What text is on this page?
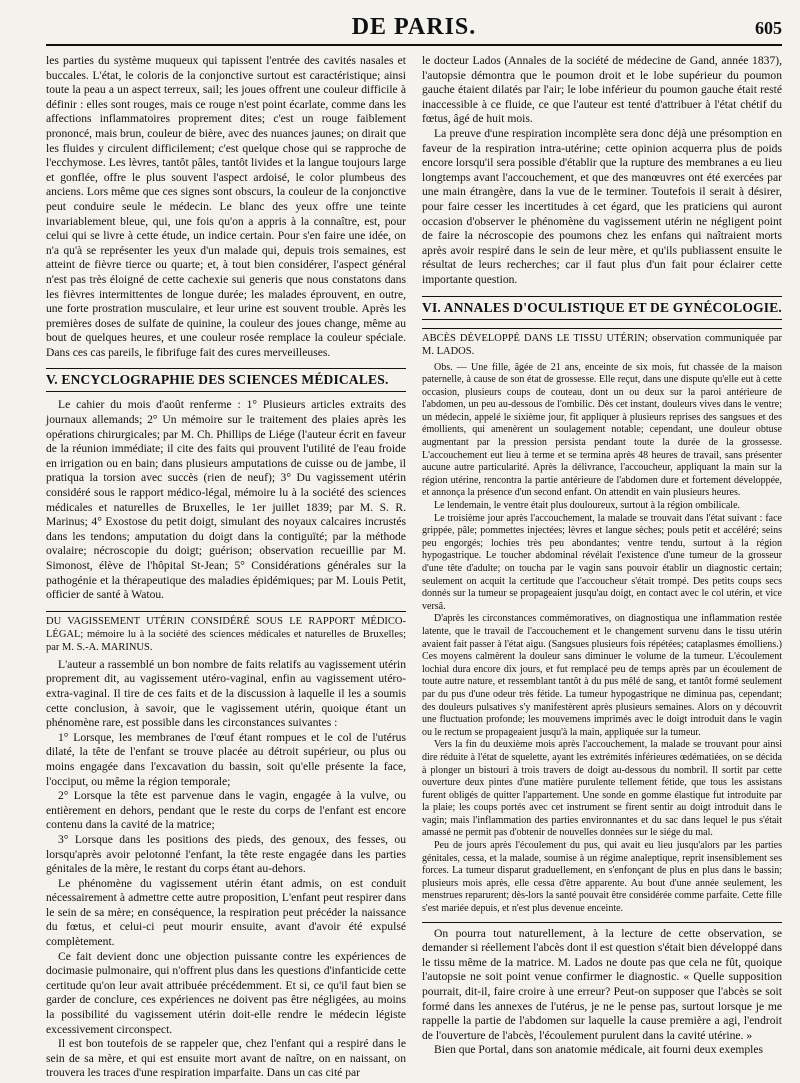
DE PARIS.	605

les parties du système muqueux qui tapissent l'entrée des cavités nasales et buccales. L'état, le coloris de la conjonctive surtout est caractéristique; ainsi toute la peau a un aspect terreux, sail; les joues offrent une couleur difficile à définir : elles sont rouges, mais ce rouge n'est point écarlate, comme dans les affections inflammatoires proprement dites; c'est un rouge faiblement prononcé, mais brun, couleur de bière, avec des nuances jaunes; on dirait que les fluides y circulent difficilement; c'est quelque chose qui se rapproche de l'ecchymose. Les lèvres, tantôt pâles, tantôt livides et la langue toujours large et gonflée, offre le plus souvent l'aspect ardoisé, le color plumbeus des anciens. Lors même que ces signes sont obscurs, la couleur de la conjonctive peut conduire seule le médecin. Le blanc des yeux offre une teinte invariablement bleue, qui, une fois qu'on a appris à la connaître, est, pour celui qui se livre à cette étude, un indice certain. Pour s'en faire une idée, on n'a qu'à se représenter les yeux d'un malade qui, depuis trois semaines, est atteint de fièvre tierce ou quarte; et, à tout bien considérer, l'aspect général n'est pas très éloigné de cette cachexie sui generis que nous constatons dans les fièvres intermittentes de longue durée; les malades éprouvent, en outre, une forte prostration musculaire, et leur urine est souvent trouble. Après les premières doses de sulfate de quinine, la couleur des joues change, même au bout de quelques heures, et une couleur rosée remplace la couleur spéciale. Dans ces cas pareils, le fibrifuge fait des cures merveilleuses.

V. ENCYCLOGRAPHIE DES SCIENCES MÉDICALES.

Le cahier du mois d'août renferme : 1° Plusieurs articles extraits des journaux allemands; 2° Un mémoire sur le traitement des plaies après les opérations chirurgicales; par M. Ch. Phillips de Liége (l'auteur écrit en faveur de la réunion immédiate; il cite des faits qui prouvent l'utilité de l'eau froide en irrigation ou en bain; dans plusieurs amputations de cuisse ou de jambe, il pratiqua la torsion avec succès (rien de neuf); 3° Du vagissement utérin considéré sous le rapport médico-légal, mémoire lu à la société des sciences médicales et naturelles de Bruxelles, le 1er juillet 1839; par M. S. R. Marinus; 4° Exostose du petit doigt, simulant des noyaux calcaires incrustés dans les tendons; amputation du doigt dans la contiguïté; par la méthode ovalaire; nécroscopie du doigt; guérison; observation recueillie par M. Simonost, élève de l'hôpital St-Jean; 5° Considérations générales sur la pathogénie et la thérapeutique des maladies épidémiques; par M. Louis Petit, officier de santé à Watou.

DU VAGISSEMENT UTÉRIN CONSIDÉRÉ SOUS LE RAPPORT MÉDICO-LÉGAL; mémoire lu à la société des sciences médicales et naturelles de Bruxelles; par M. S.-A. MARINUS.

L'auteur a rassemblé un bon nombre de faits relatifs au vagissement utérin proprement dit, au vagissement utéro-vaginal, enfin au vagissement utéro-extra-vaginal. Il tire de ces faits et de la discussion à laquelle il les a soumis cette conclusion, à savoir, que le vagissement utérin, quoique étant un phénomène rare, est possible dans les circonstances suivantes :

1° Lorsque, les membranes de l'œuf étant rompues et le col de l'utérus dilaté, la tête de l'enfant se trouve placée au détroit supérieur, ou plus ou moins engagée dans l'excavation du bassin, soit qu'elle présente la face, l'occiput, ou même la région temporale;

2° Lorsque la tête est parvenue dans le vagin, engagée à la vulve, ou entièrement en dehors, pendant que le reste du corps de l'enfant est encore contenu dans la cavité de la matrice;

3° Lorsque dans les positions des pieds, des genoux, des fesses, ou lorsqu'après avoir pelotonné l'enfant, la tête reste engagée dans les parties génitales de la mère, le restant du corps étant au-dehors.

Le phénomène du vagissement utérin étant admis, on est conduit nécessairement à admettre cette autre proposition, L'enfant peut respirer dans le sein de sa mère; en conséquence, la respiration peut précéder la naissance du fœtus, et celui-ci peut mourir ensuite, avant d'avoir été expulsé complètement.

Ce fait devient donc une objection puissante contre les expériences de docimasie pulmonaire, qui n'offrent plus dans les questions d'infanticide cette certitude qu'on leur avait attribuée précédemment. Et si, ce qu'il faut bien se garder de conclure, ces expériences ne doivent pas être négligées, au moins la possibilité du vagissement utérin doit-elle rendre le médecin légiste excessivement circonspect.

Il est bon toutefois de se rappeler que, chez l'enfant qui a respiré dans le sein de sa mère, et qui est ensuite mort avant de naître, on en naissant, on trouvera les traces d'une respiration imparfaite. Dans un cas cité par

le docteur Lados (Annales de la société de médecine de Gand, année 1837), l'autopsie démontra que le poumon droit et le lobe supérieur du poumon gauche étaient dilatés par l'air; le lobe inférieur du poumon gauche était resté inaccessible à ce fluide, ce que l'auteur est tenté d'attribuer à l'état chétif du fœtus, âgé de huit mois.

La preuve d'une respiration incomplète sera donc déjà une présomption en faveur de la respiration intra-utérine; cette opinion acquerra plus de poids encore lorsqu'il sera possible d'établir que la rupture des membranes a eu lieu longtemps avant l'accouchement, et que des manœuvres ont été exercées par une main étrangère, dans la vue de le terminer. Toutefois il serait à désirer, pour faire cesser les incertitudes à cet égard, que les praticiens qui auront occasion d'observer le phénomène du vagissement utérin ne négligent point de faire la nécroscopie des poumons chez les enfans qui naîtraient morts après avoir respiré dans le sein de leur mère, et qu'ils publiassent ensuite le résultat de leurs recherches; car il faut plus d'un fait pour éclairer cette importante question.

VI. ANNALES D'OCULISTIQUE ET DE GYNÉCOLOGIE.
ABCÈS DÉVELOPPÉ DANS LE TISSU UTÉRIN; observation communiquée par M. LADOS.

Obs. — Une fille, âgée de 21 ans, enceinte de six mois, fut chassée de la maison paternelle, à cause de son état de grossesse. Elle reçut, dans une dispute qu'elle eut à cette occasion, plusieurs coups de couteau, dont un ou deux sur la paroi antérieure de l'abdomen, un peu au-dessous de l'ombilic. Dès cet instant, douleurs vives dans le ventre; un médecin, appelé le sixième jour, fit appliquer à plusieurs reprises des sangsues et des émollients, qui amenèrent un soulagement notable; cependant, une douleur obtuse augmentant par la pression persista pendant toute la durée de la grossesse. L'accouchement eut lieu à terme et se termina après 48 heures de travail, sans présenter aucune autre particularité. Après la délivrance, l'accoucheur, appliquant la main sur la région utérine, rencontra la partie antérieure de l'abdomen dure et fortement développée, et annonça la présence d'un second enfant. On attendit en vain plusieurs heures.

Le lendemain, le ventre était plus douloureux, surtout à la région ombilicale.

Le troisième jour après l'accouchement, la malade se trouvait dans l'état suivant : face grippée, pâle; pommettes injectées; lèvres et langue sèches; pouls petit et accéléré; seins peu engorgés; lochies très peu abondantes; ventre tendu, surtout à la région hypogastrique. Le toucher abdominal révélait l'existence d'une tumeur de la grosseur d'une tête d'adulte; on toucha par le vagin sans pouvoir établir un diagnostic certain; seulement on acquit la certitude que l'accoucheur s'était trompé. Des petits coups secs donnés sur la tumeur se propageaient jusqu'au doigt, en contact avec le col utérin, et vice versâ.

D'après les circonstances commémoratives, on diagnostiqua une inflammation restée latente, que le travail de l'accouchement et le changement survenu dans le tissu utérin avaient fait passer à l'état aigu. (Sangsues plusieurs fois répétées; cataplasmes émolliens.) Ces moyens calmèrent la douleur sans diminuer le volume de la tumeur. L'écoulement lochial dura encore dix jours, et fut remplacé peu de temps après par un écoulement de toute autre nature, et ressemblant tantôt à du pus mêlé de sang, et tantôt formé seulement par du pus d'une odeur très fétide. La tumeur hypogastrique ne diminua pas, cependant; des douleurs pulsatives s'y manifestèrent après plusieurs semaines. Alors on y découvrit une fluctuation profonde; les mouvemens imprimés avec le doigt introduit dans le vagin ou le rectum se propageaient jusqu'à la main, appliquée sur la tumeur.

Vers la fin du deuxième mois après l'accouchement, la malade se trouvant pour ainsi dire réduite à l'état de squelette, ayant les extrémités inférieures œdématiées, on se décida à plonger un bistouri à trois travers de doigt au-dessous du nombril. Il sortit par cette ouverture deux pintes d'une matière purulente tellement fétide, que tous les assistans furent obligés de quitter l'appartement. Une sonde en gomme élastique fut introduite par la plaie; les coups portés avec cet instrument se firent sentir au doigt introduit dans le vagin; mais l'inflammation des parties environnantes et du sac dans lequel le pus s'était amassé ne permit pas d'obtenir de nouvelles données sur le siége du mal.

Peu de jours après l'écoulement du pus, qui avait eu lieu jusqu'alors par les parties génitales, cessa, et la malade, soumise à un régime analeptique, reprit insensiblement ses forces. La tumeur disparut graduellement, en s'enfonçant de plus en plus dans le bassin; plusieurs mois après, elle cessa d'être apparente. Au bout d'une année seulement, les menstrues reparurent; dès-lors la santé pouvait être considérée comme parfaite. Cette fille s'est mariée depuis, et n'est plus devenue enceinte.

On pourra tout naturellement, à la lecture de cette observation, se demander si réellement l'abcès dont il est question s'était bien développé dans le tissu même de la matrice. M. Lados ne doute pas que cela ne fût, quoique l'autopsie ne soit point venue confirmer le diagnostic. « Quelle supposition pourrait, dit-il, faire croire à une erreur? Peut-on supposer que l'abcès se soit formé dans les annexes de l'utérus, je ne le pense pas, surtout lorsque je me rappelle la partie de l'abdomen sur laquelle la cause première a agi, l'endroit de l'ouverture de l'abcès, l'écoulement purulent dans la cavité utérine. »

Bien que Portal, dans son anatomie médicale, ait fourni deux exemples
